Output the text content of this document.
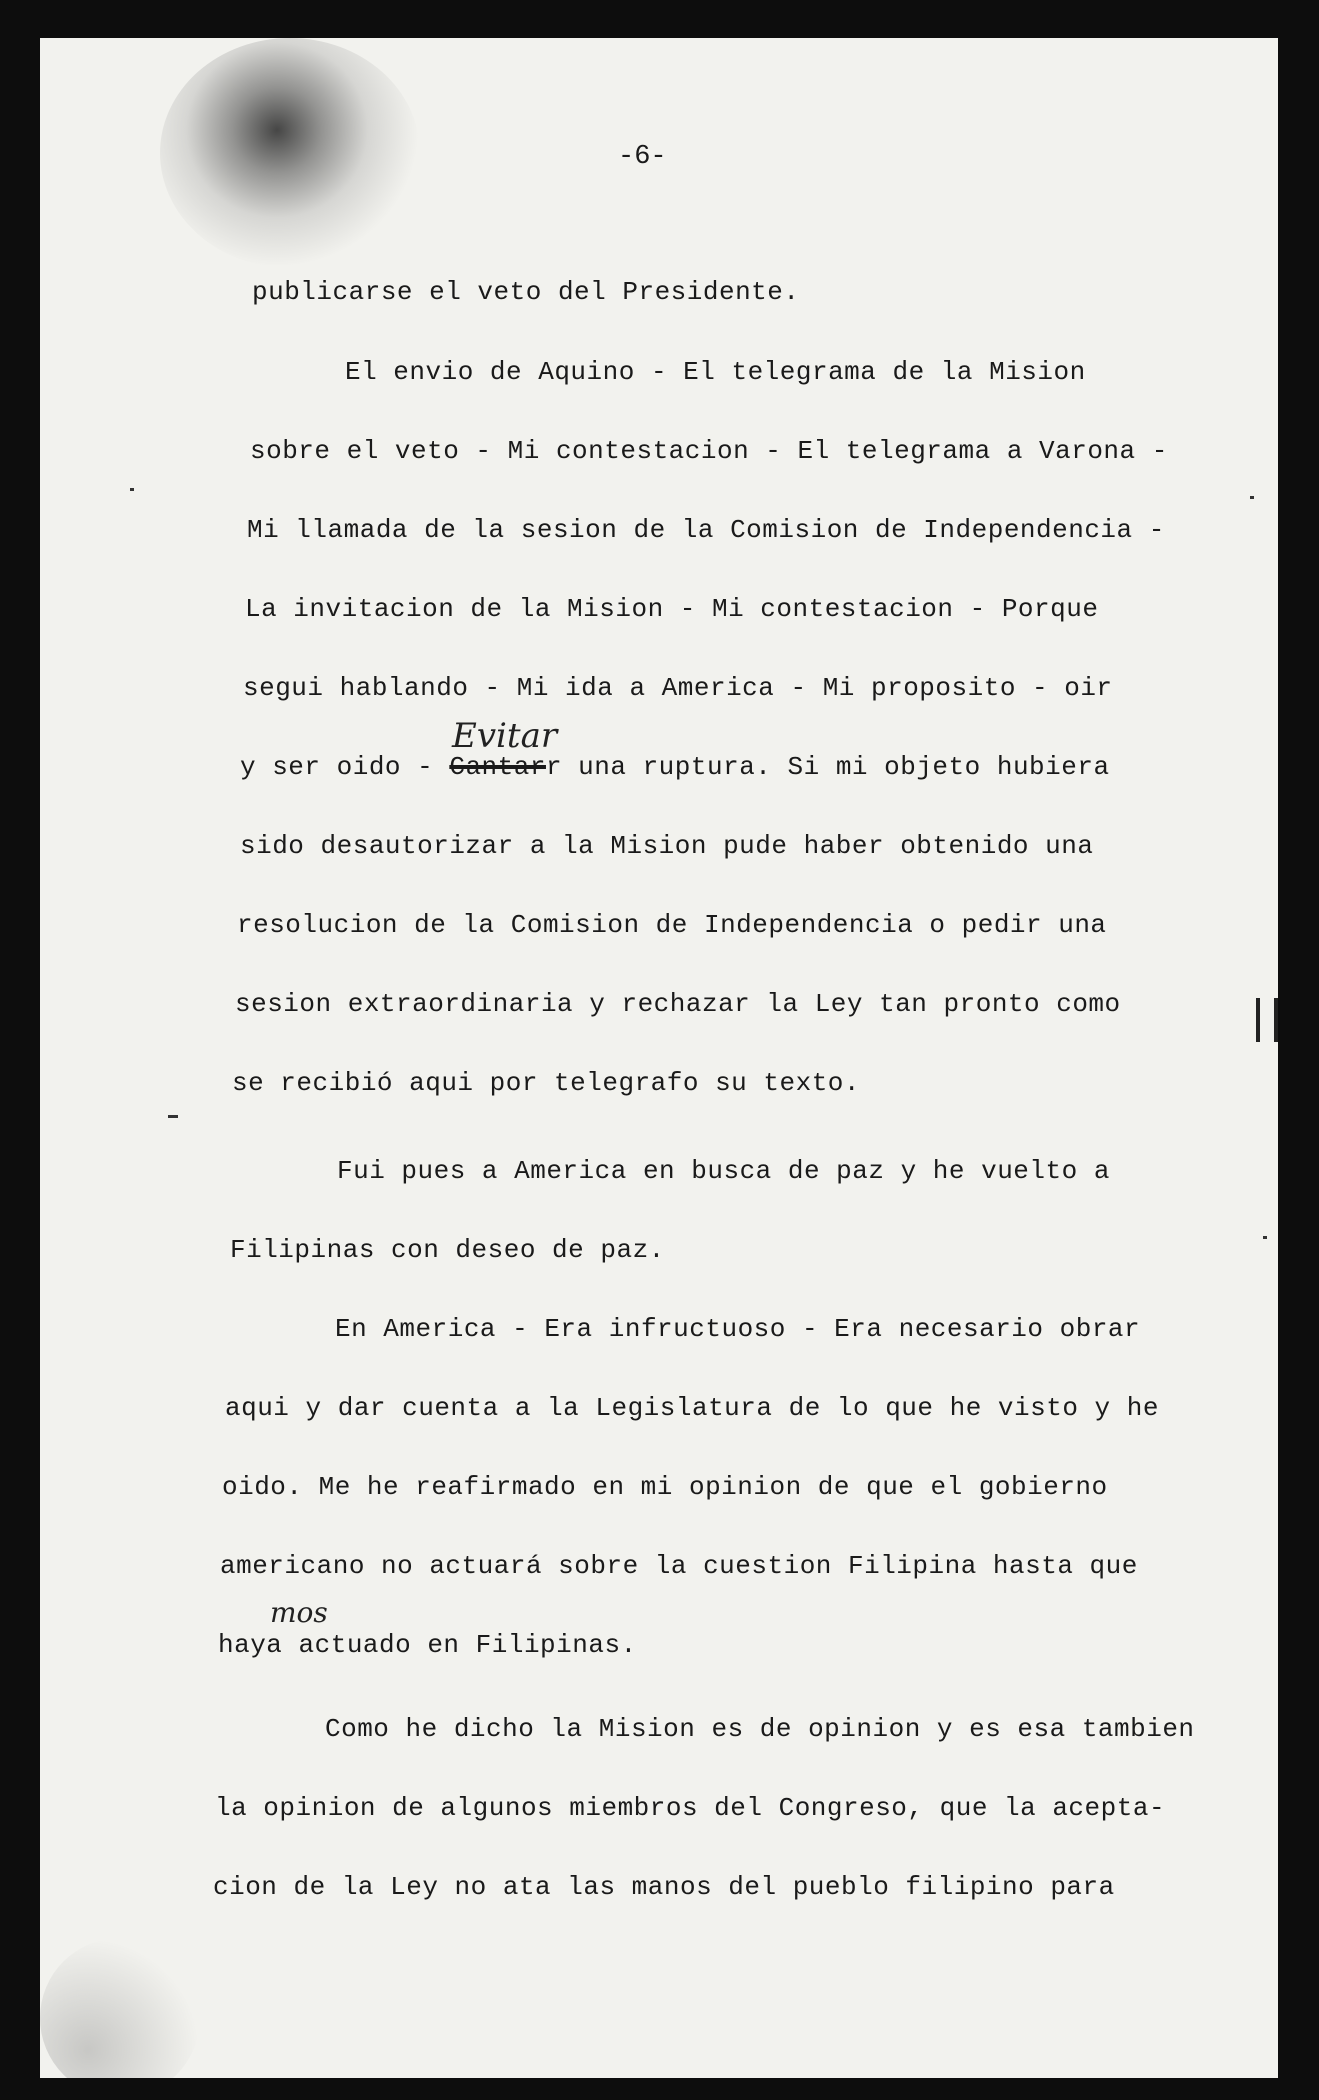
-6-

publicarse el veto del Presidente.

El envio de Aquino - El telegrama de la Mision

sobre el veto - Mi contestacion - El telegrama a Varona -

Mi llamada de la sesion de la Comision de Independencia -

La invitacion de la Mision - Mi contestacion - Porque

segui hablando - Mi ida a America - Mi proposito - oir

y ser oido - Cantarr una ruptura. Si mi objeto hubiera

Evitar

sido desautorizar a la Mision pude haber obtenido una

resolucion de la Comision de Independencia o pedir una

sesion extraordinaria y rechazar la Ley tan pronto como

se recibió aqui por telegrafo su texto.

Fui pues a America en busca de paz y he vuelto a

Filipinas con deseo de paz.

En America - Era infructuoso - Era necesario obrar

aqui y dar cuenta a la Legislatura de lo que he visto y he

oido. Me he reafirmado en mi opinion de que el gobierno

americano no actuará sobre la cuestion Filipina hasta que

haya actuado en Filipinas.

mos

Como he dicho la Mision es de opinion y es esa tambien

la opinion de algunos miembros del Congreso, que la acepta-

cion de la Ley no ata las manos del pueblo filipino para
